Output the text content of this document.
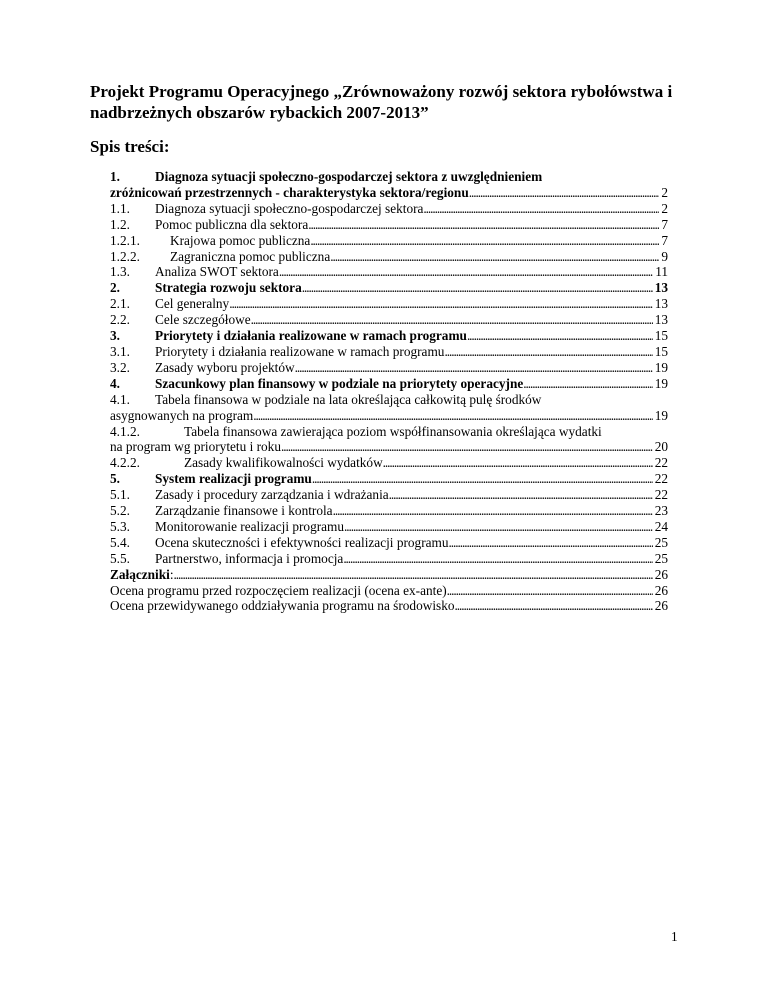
Projekt Programu Operacyjnego „Zrównoważony rozwój sektora rybołówstwa i nadbrzeżnych obszarów rybackich 2007-2013”
Spis treści:
1.	Diagnoza sytuacji społeczno-gospodarczej sektora z uwzględnieniem
zróżnicowań przestrzennych - charakterystyka sektora/regionu . . .	2
1.1. Diagnoza sytuacji społeczno-gospodarczej sektora . . .	2
1.2. Pomoc publiczna dla sektora . . .	7
1.2.1. Krajowa pomoc publiczna . . .	7
1.2.2. Zagraniczna pomoc publiczna . . .	9
1.3. Analiza SWOT sektora . . .	11
2.	Strategia rozwoju sektora . . .	13
2.1. Cel generalny . . .	13
2.2. Cele szczegółowe . . .	13
3.	Priorytety i działania realizowane w ramach programu . . .	15
3.1. Priorytety i działania realizowane w ramach programu . . .	15
3.2. Zasady wyboru projektów . . .	19
4.	Szacunkowy plan finansowy w podziale na priorytety operacyjne . . .	19
4.1.	Tabela finansowa w podziale na lata określająca całkowitą pulę środków
asygnowanych na program . . .	19
4.1.2.	Tabela finansowa zawierająca poziom współfinansowania określająca wydatki
na program wg priorytetu i roku . . .	20
4.2.2.	Zasady kwalifikowalności wydatków . . .	22
5.	System realizacji programu . . .	22
5.1. Zasady i procedury zarządzania i wdrażania . . .	22
5.2. Zarządzanie finansowe i kontrola . . .	23
5.3. Monitorowanie realizacji programu . . .	24
5.4. Ocena skuteczności i efektywności realizacji programu . . .	25
5.5. Partnerstwo, informacja i promocja . . .	25
Załączniki: . . .	26
Ocena programu przed rozpoczęciem realizacji (ocena ex-ante) . . .	26
Ocena przewidywanego oddziaływania programu na środowisko . . .	26
1
